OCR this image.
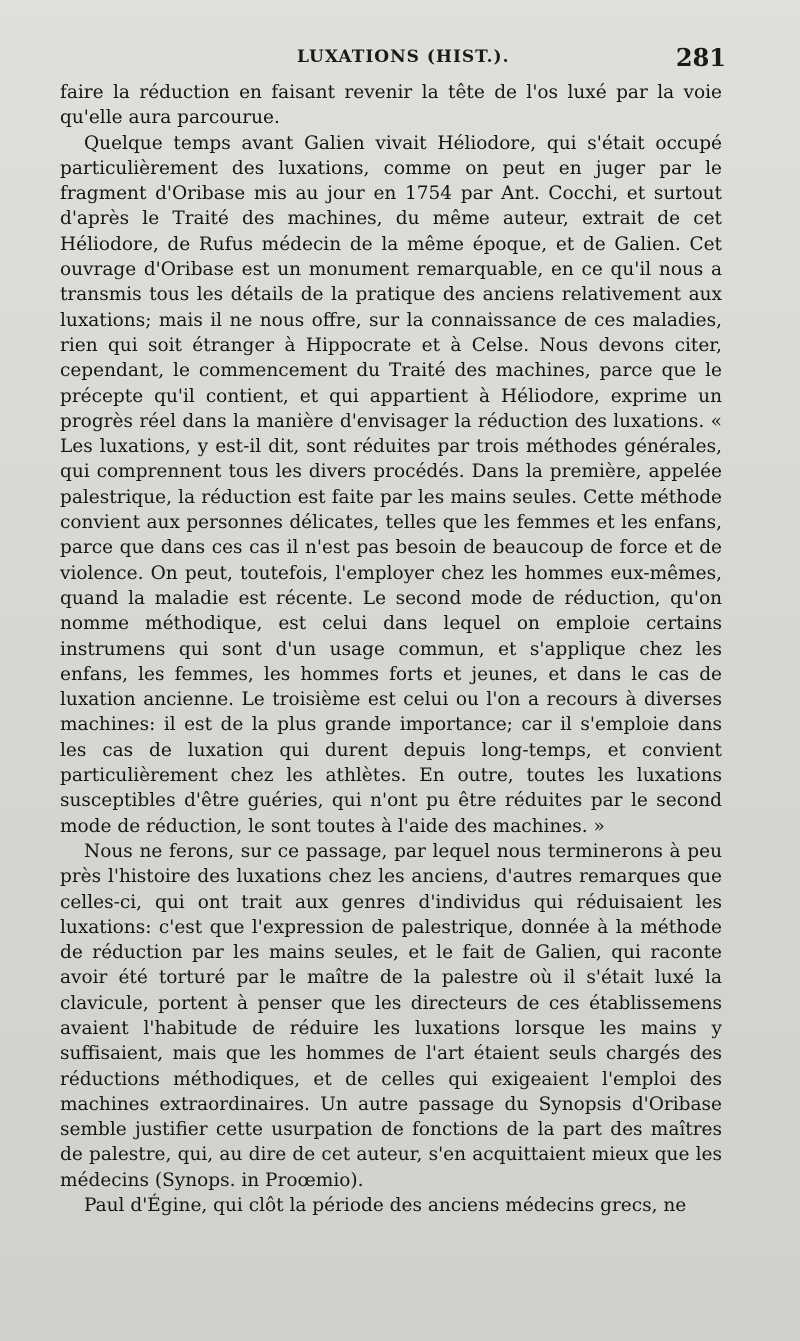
LUXATIONS (HIST.).	281

faire la réduction en faisant revenir la tête de l'os luxé par la voie qu'elle aura parcourue.

Quelque temps avant Galien vivait Héliodore, qui s'était occupé particulièrement des luxations, comme on peut en juger par le fragment d'Oribase mis au jour en 1754 par Ant. Cocchi, et surtout d'après le Traité des machines, du même auteur, extrait de cet Héliodore, de Rufus médecin de la même époque, et de Galien. Cet ouvrage d'Oribase est un monument remarquable, en ce qu'il nous a transmis tous les détails de la pratique des anciens relativement aux luxations; mais il ne nous offre, sur la connaissance de ces maladies, rien qui soit étranger à Hippocrate et à Celse. Nous devons citer, cependant, le commencement du Traité des machines, parce que le précepte qu'il contient, et qui appartient à Héliodore, exprime un progrès réel dans la manière d'envisager la réduction des luxations. « Les luxations, y est-il dit, sont réduites par trois méthodes générales, qui comprennent tous les divers procédés. Dans la première, appelée palestrique, la réduction est faite par les mains seules. Cette méthode convient aux personnes délicates, telles que les femmes et les enfans, parce que dans ces cas il n'est pas besoin de beaucoup de force et de violence. On peut, toutefois, l'employer chez les hommes eux-mêmes, quand la maladie est récente. Le second mode de réduction, qu'on nomme méthodique, est celui dans lequel on emploie certains instrumens qui sont d'un usage commun, et s'applique chez les enfans, les femmes, les hommes forts et jeunes, et dans le cas de luxation ancienne. Le troisième est celui ou l'on a recours à diverses machines: il est de la plus grande importance; car il s'emploie dans les cas de luxation qui durent depuis long-temps, et convient particulièrement chez les athlètes. En outre, toutes les luxations susceptibles d'être guéries, qui n'ont pu être réduites par le second mode de réduction, le sont toutes à l'aide des machines. »

Nous ne ferons, sur ce passage, par lequel nous terminerons à peu près l'histoire des luxations chez les anciens, d'autres remarques que celles-ci, qui ont trait aux genres d'individus qui réduisaient les luxations: c'est que l'expression de palestrique, donnée à la méthode de réduction par les mains seules, et le fait de Galien, qui raconte avoir été torturé par le maître de la palestre où il s'était luxé la clavicule, portent à penser que les directeurs de ces établissemens avaient l'habitude de réduire les luxations lorsque les mains y suffisaient, mais que les hommes de l'art étaient seuls chargés des réductions méthodiques, et de celles qui exigeaient l'emploi des machines extraordinaires. Un autre passage du Synopsis d'Oribase semble justifier cette usurpation de fonctions de la part des maîtres de palestre, qui, au dire de cet auteur, s'en acquittaient mieux que les médecins (Synops. in Proœmio).

Paul d'Égine, qui clôt la période des anciens médecins grecs, ne
